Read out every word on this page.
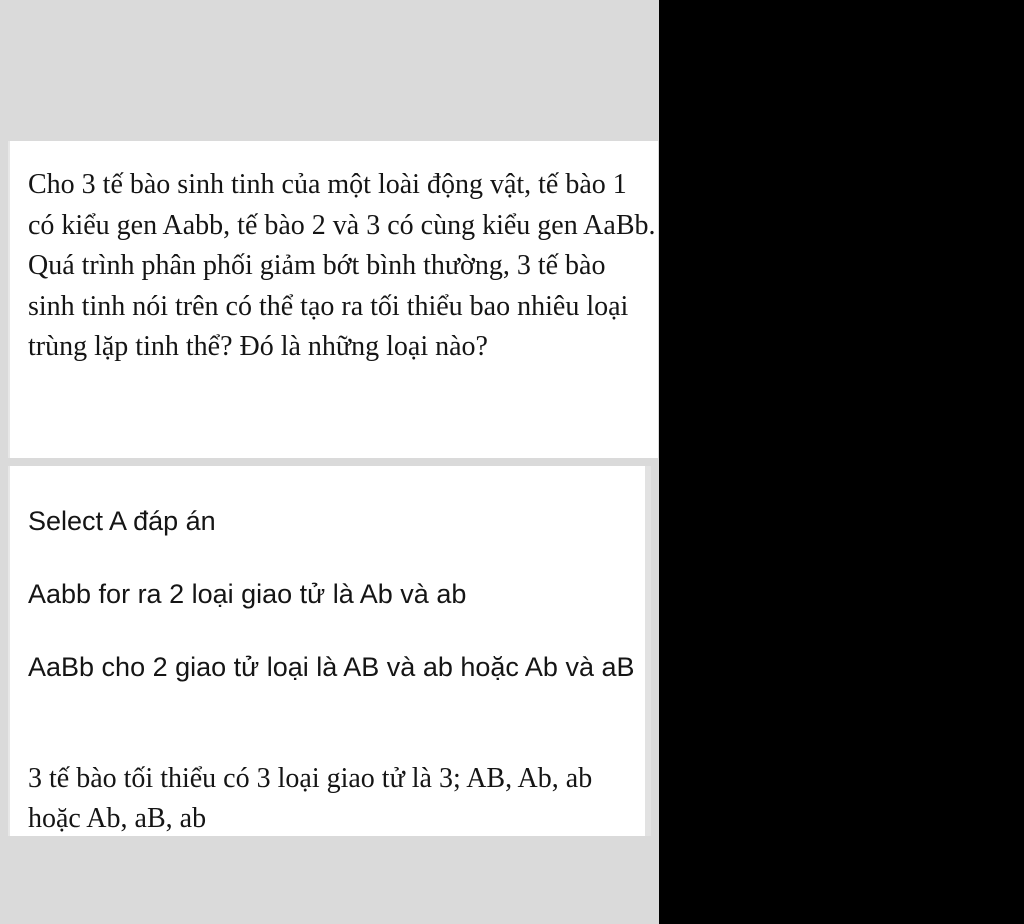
Cho 3 tế bào sinh tinh của một loài động vật, tế bào 1 có kiểu gen Aabb, tế bào 2 và 3 có cùng kiểu gen AaBb. Quá trình phân phối giảm bớt bình thường, 3 tế bào sinh tinh nói trên có thể tạo ra tối thiểu bao nhiêu loại trùng lặp tinh thể? Đó là những loại nào?

Select A đáp án

Aabb for ra 2 loại giao tử là Ab và ab

AaBb cho 2 giao tử loại là AB và ab hoặc Ab và aB

3 tế bào tối thiểu có 3 loại giao tử là 3; AB, Ab, ab hoặc Ab, aB, ab
